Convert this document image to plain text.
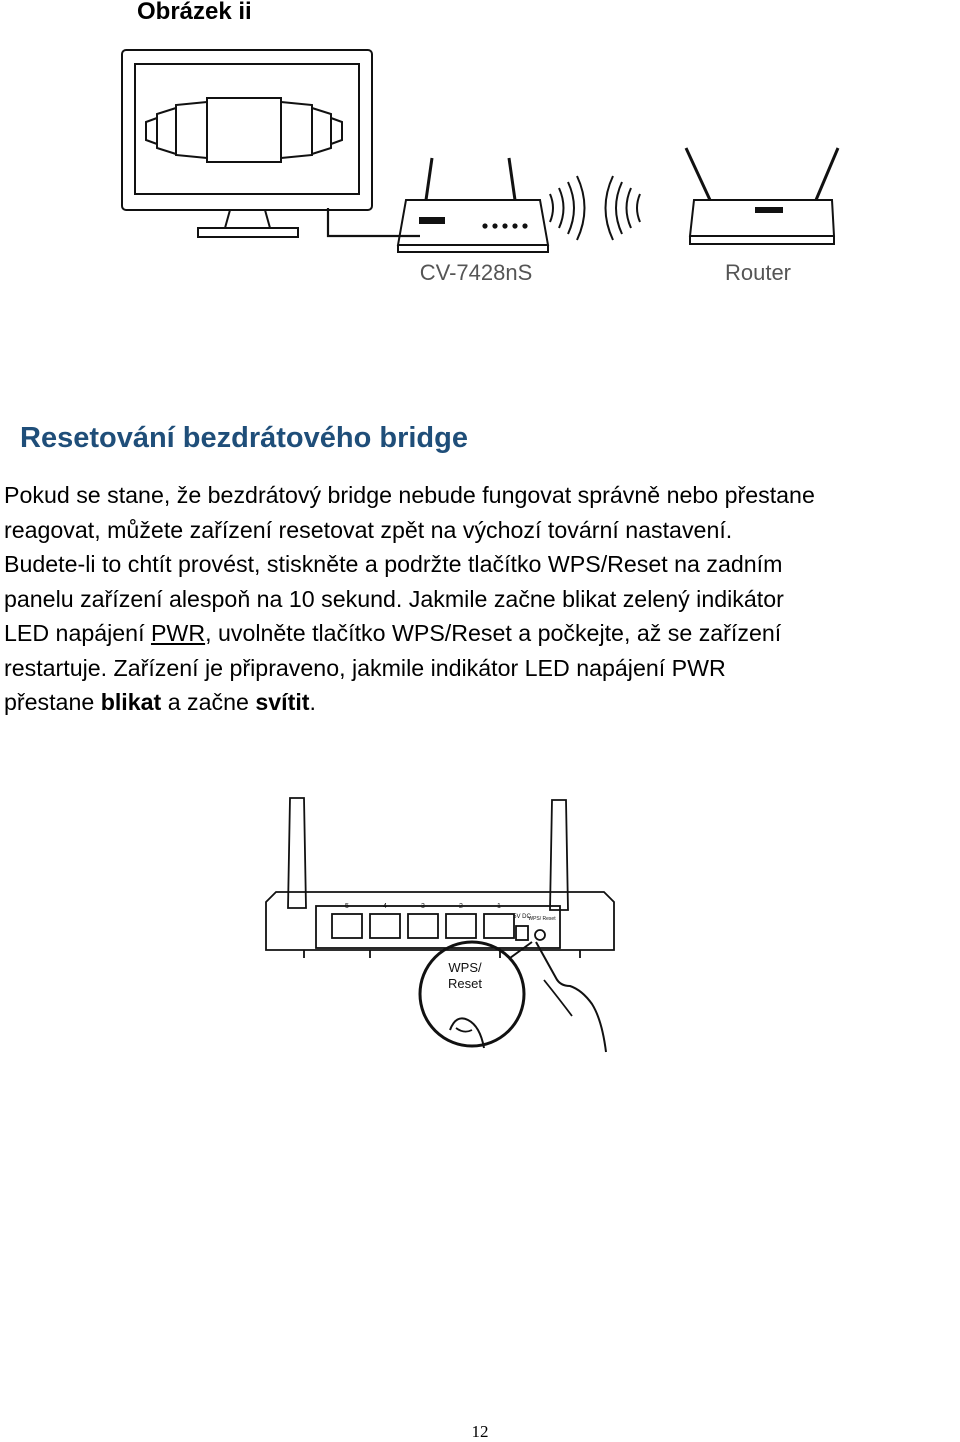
Obrázek ii
CV-7428nS	Router
Resetování bezdrátového bridge
Pokud se stane, že bezdrátový bridge nebude fungovat správně nebo přestane
reagovat, můžete zařízení resetovat zpět na výchozí tovární nastavení.
Budete-li to chtít provést, stiskněte a podržte tlačítko WPS/Reset na zadním
panelu zařízení alespoň na 10 sekund. Jakmile začne blikat zelený indikátor
LED napájení PWR, uvolněte tlačítko WPS/Reset a počkejte, až se zařízení
restartuje. Zařízení je připraveno, jakmile indikátor LED napájení PWR
přestane blikat a začne svítit.
5	4	3	2	1
5V DC
WPS/ Reset
WPS/
Reset
12
